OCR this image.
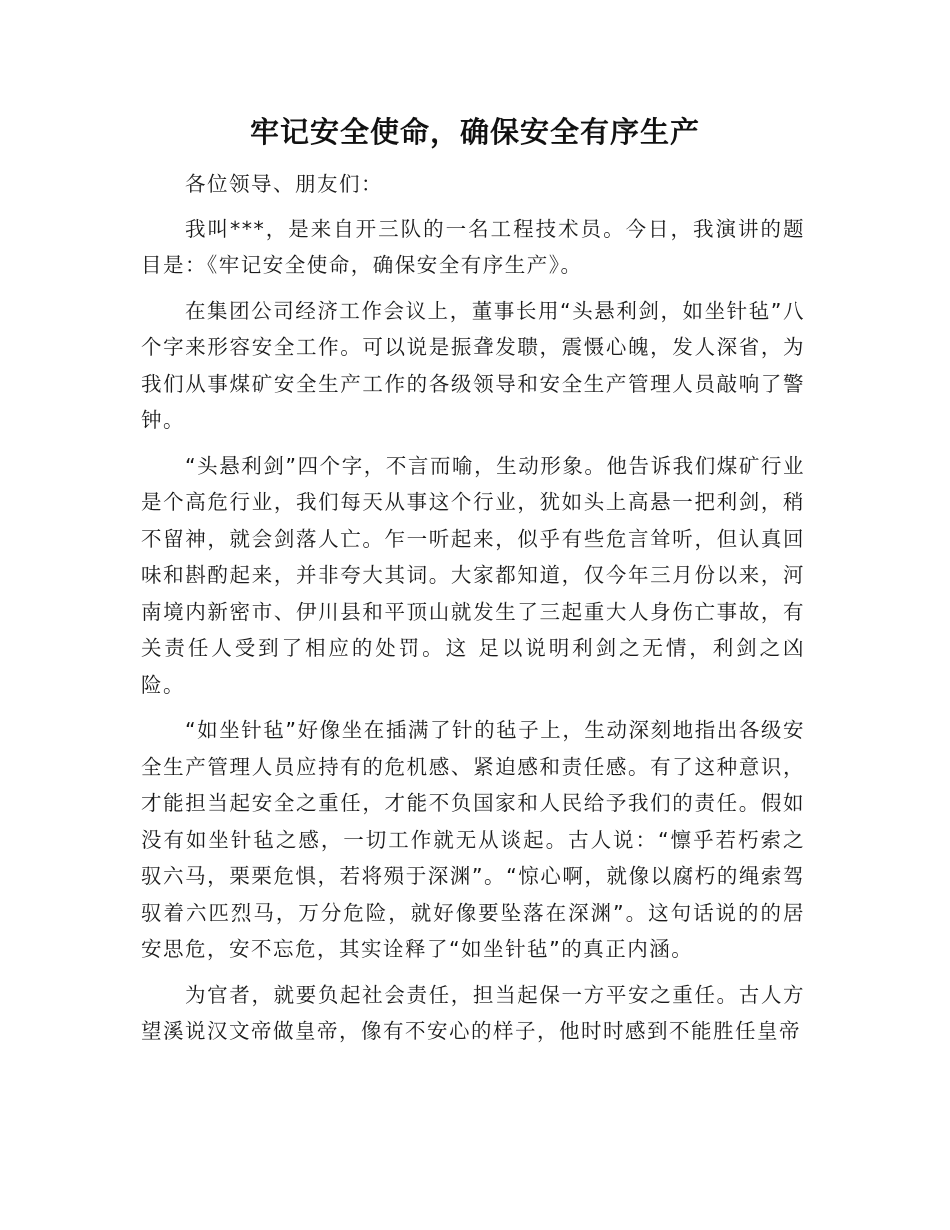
牢记安全使命，确保安全有序生产

各位领导、朋友们：

我叫***，是来自开三队的一名工程技术员。今日，我演讲的题目是：《牢记安全使命，确保安全有序生产》。

在集团公司经济工作会议上，董事长用“头悬利剑，如坐针毡”八个字来形容安全工作。可以说是振聋发聩，震慑心魄，发人深省，为我们从事煤矿安全生产工作的各级领导和安全生产管理人员敲响了警钟。

“头悬利剑”四个字，不言而喻，生动形象。他告诉我们煤矿行业是个高危行业，我们每天从事这个行业，犹如头上高悬一把利剑，稍不留神，就会剑落人亡。乍一听起来，似乎有些危言耸听，但认真回味和斟酌起来，并非夸大其词。大家都知道，仅今年三月份以来，河南境内新密市、伊川县和平顶山就发生了三起重大人身伤亡事故，有关责任人受到了相应的处罚。这 足以说明利剑之无情，利剑之凶险。

“如坐针毡”好像坐在插满了针的毡子上，生动深刻地指出各级安全生产管理人员应持有的危机感、紧迫感和责任感。有了这种意识，才能担当起安全之重任，才能不负国家和人民给予我们的责任。假如没有如坐针毡之感，一切工作就无从谈起。古人说：“懔乎若朽索之驭六马，栗栗危惧，若将殒于深渊”。“惊心啊，就像以腐朽的绳索驾驭着六匹烈马，万分危险，就好像要坠落在深渊”。这句话说的的居安思危，安不忘危，其实诠释了“如坐针毡”的真正内涵。

为官者，就要负起社会责任，担当起保一方平安之重任。古人方望溪说汉文帝做皇帝，像有不安心的样子，他时时感到不能胜任皇帝
